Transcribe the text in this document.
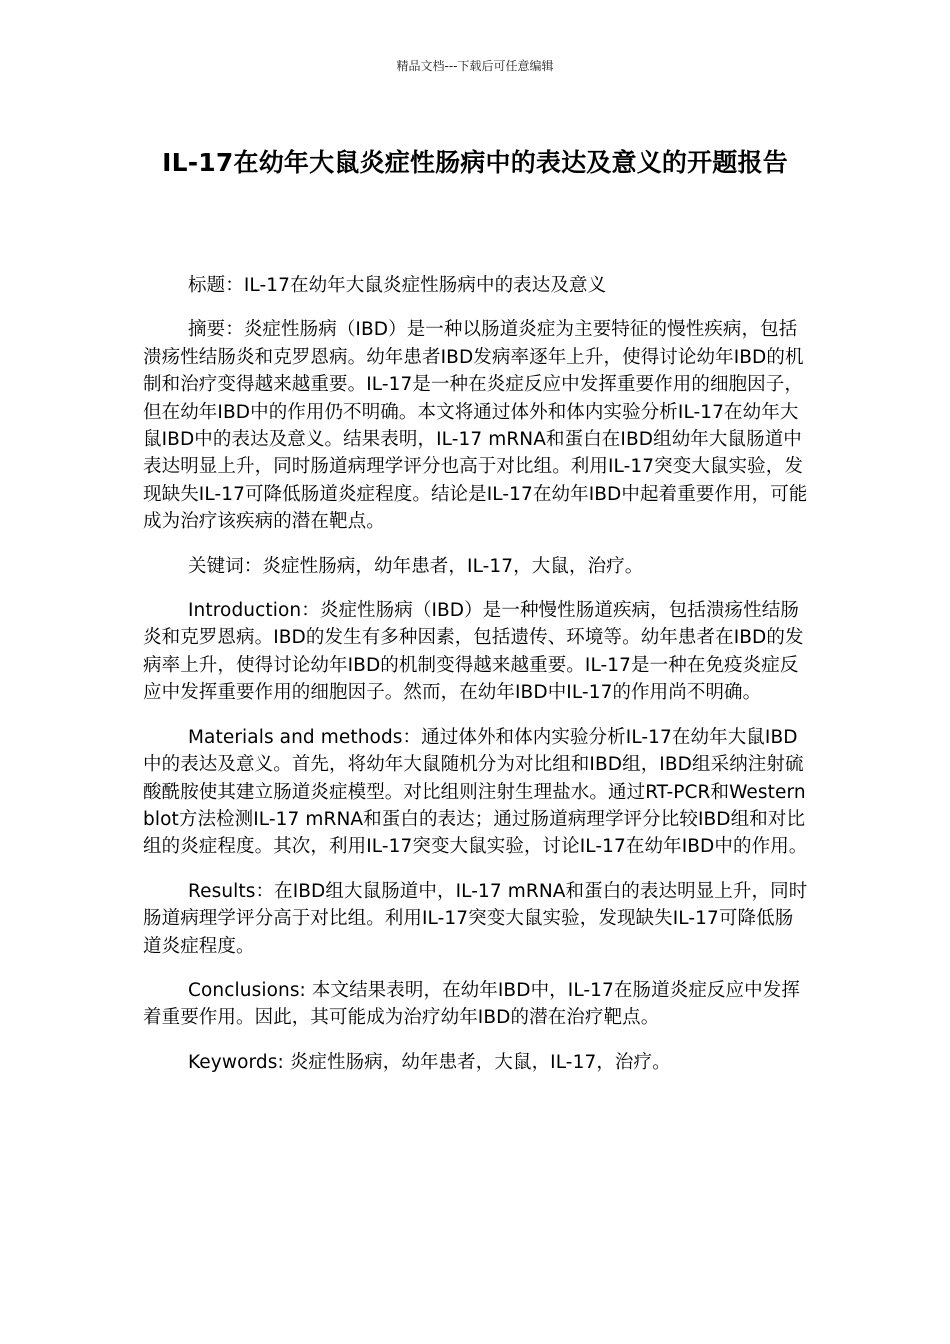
精品文档---下载后可任意编辑
IL-17在幼年大鼠炎症性肠病中的表达及意义的开题报告

标题：IL-17在幼年大鼠炎症性肠病中的表达及意义

摘要：炎症性肠病（IBD）是一种以肠道炎症为主要特征的慢性疾病，包括溃疡性结肠炎和克罗恩病。幼年患者IBD发病率逐年上升，使得讨论幼年IBD的机制和治疗变得越来越重要。IL-17是一种在炎症反应中发挥重要作用的细胞因子，但在幼年IBD中的作用仍不明确。本文将通过体外和体内实验分析IL-17在幼年大鼠IBD中的表达及意义。结果表明，IL-17 mRNA和蛋白在IBD组幼年大鼠肠道中表达明显上升，同时肠道病理学评分也高于对比组。利用IL-17突变大鼠实验，发现缺失IL-17可降低肠道炎症程度。结论是IL-17在幼年IBD中起着重要作用，可能成为治疗该疾病的潜在靶点。

关键词：炎症性肠病，幼年患者，IL-17，大鼠，治疗。

Introduction：炎症性肠病（IBD）是一种慢性肠道疾病，包括溃疡性结肠炎和克罗恩病。IBD的发生有多种因素，包括遗传、环境等。幼年患者在IBD的发病率上升，使得讨论幼年IBD的机制变得越来越重要。IL-17是一种在免疫炎症反应中发挥重要作用的细胞因子。然而，在幼年IBD中IL-17的作用尚不明确。

Materials and methods：通过体外和体内实验分析IL-17在幼年大鼠IBD中的表达及意义。首先，将幼年大鼠随机分为对比组和IBD组，IBD组采纳注射硫酸酰胺使其建立肠道炎症模型。对比组则注射生理盐水。通过RT-PCR和Western blot方法检测IL-17 mRNA和蛋白的表达；通过肠道病理学评分比较IBD组和对比组的炎症程度。其次，利用IL-17突变大鼠实验，讨论IL-17在幼年IBD中的作用。

Results：在IBD组大鼠肠道中，IL-17 mRNA和蛋白的表达明显上升，同时肠道病理学评分高于对比组。利用IL-17突变大鼠实验，发现缺失IL-17可降低肠道炎症程度。

Conclusions: 本文结果表明，在幼年IBD中，IL-17在肠道炎症反应中发挥着重要作用。因此，其可能成为治疗幼年IBD的潜在治疗靶点。

Keywords: 炎症性肠病，幼年患者，大鼠，IL-17，治疗。
